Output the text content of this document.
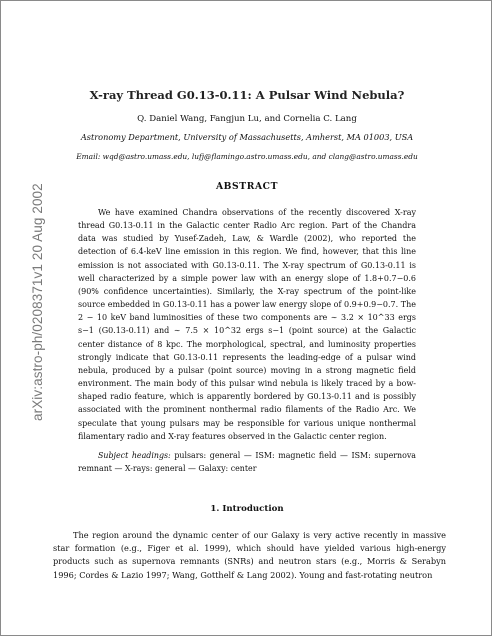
arXiv:astro-ph/0208371v1 20 Aug 2002
X-ray Thread G0.13-0.11: A Pulsar Wind Nebula?
Q. Daniel Wang, Fangjun Lu, and Cornelia C. Lang
Astronomy Department, University of Massachusetts, Amherst, MA 01003, USA
Email: wqd@astro.umass.edu, lufj@flamingo.astro.umass.edu, and clang@astro.umass.edu
ABSTRACT

We have examined Chandra observations of the recently discovered X-ray thread G0.13-0.11 in the Galactic center Radio Arc region. Part of the Chandra data was studied by Yusef-Zadeh, Law, & Wardle (2002), who reported the detection of 6.4-keV line emission in this region. We find, however, that this line emission is not associated with G0.13-0.11. The X-ray spectrum of G0.13-0.11 is well characterized by a simple power law with an energy slope of 1.8+0.7−0.6 (90% confidence uncertainties). Similarly, the X-ray spectrum of the point-like source embedded in G0.13-0.11 has a power law energy slope of 0.9+0.9−0.7. The 2 − 10 keV band luminosities of these two components are ∼ 3.2 × 10^33 ergs s−1 (G0.13-0.11) and ∼ 7.5 × 10^32 ergs s−1 (point source) at the Galactic center distance of 8 kpc. The morphological, spectral, and luminosity properties strongly indicate that G0.13-0.11 represents the leading-edge of a pulsar wind nebula, produced by a pulsar (point source) moving in a strong magnetic field environment. The main body of this pulsar wind nebula is likely traced by a bow-shaped radio feature, which is apparently bordered by G0.13-0.11 and is possibly associated with the prominent nonthermal radio filaments of the Radio Arc. We speculate that young pulsars may be responsible for various unique nonthermal filamentary radio and X-ray features observed in the Galactic center region.

Subject headings: pulsars: general — ISM: magnetic field — ISM: supernova remnant — X-rays: general — Galaxy: center

1. Introduction

The region around the dynamic center of our Galaxy is very active recently in massive star formation (e.g., Figer et al. 1999), which should have yielded various high-energy products such as supernova remnants (SNRs) and neutron stars (e.g., Morris & Serabyn 1996; Cordes & Lazio 1997; Wang, Gotthelf & Lang 2002). Young and fast-rotating neutron
